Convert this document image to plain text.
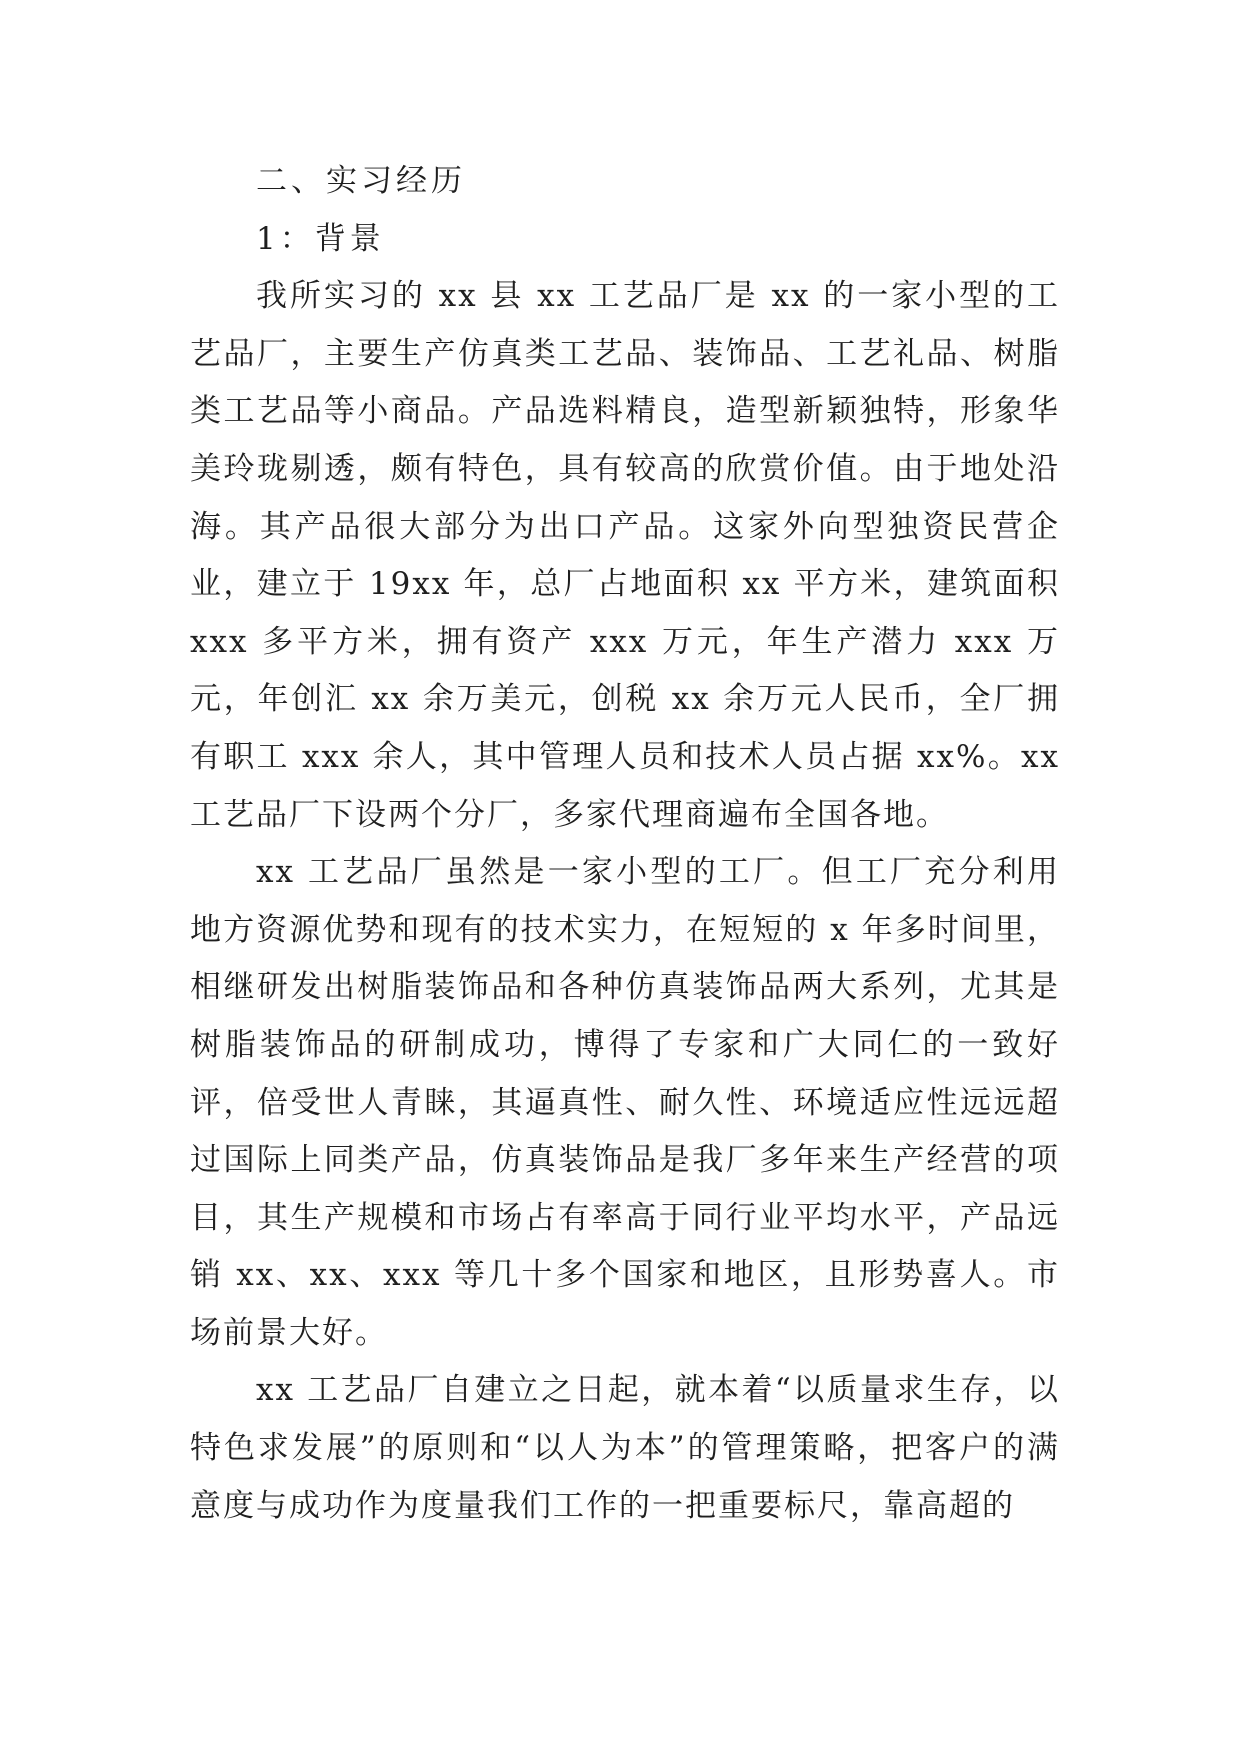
二、实习经历

1：背景

我所实习的 xx 县 xx 工艺品厂是 xx 的一家小型的工艺品厂，主要生产仿真类工艺品、装饰品、工艺礼品、树脂类工艺品等小商品。产品选料精良，造型新颖独特，形象华美玲珑剔透，颇有特色，具有较高的欣赏价值。由于地处沿海。其产品很大部分为出口产品。这家外向型独资民营企业，建立于 19xx 年，总厂占地面积 xx 平方米，建筑面积 xxx 多平方米，拥有资产 xxx 万元，年生产潜力 xxx 万元，年创汇 xx 余万美元，创税 xx 余万元人民币，全厂拥有职工 xxx 余人，其中管理人员和技术人员占据 xx%。xx 工艺品厂下设两个分厂，多家代理商遍布全国各地。

xx 工艺品厂虽然是一家小型的工厂。但工厂充分利用地方资源优势和现有的技术实力，在短短的 x 年多时间里，相继研发出树脂装饰品和各种仿真装饰品两大系列，尤其是树脂装饰品的研制成功，博得了专家和广大同仁的一致好评，倍受世人青睐，其逼真性、耐久性、环境适应性远远超过国际上同类产品，仿真装饰品是我厂多年来生产经营的项目，其生产规模和市场占有率高于同行业平均水平，产品远销 xx、xx、xxx 等几十多个国家和地区，且形势喜人。市场前景大好。

xx 工艺品厂自建立之日起，就本着“以质量求生存，以特色求发展”的原则和“以人为本”的管理策略，把客户的满意度与成功作为度量我们工作的一把重要标尺，靠高超的
